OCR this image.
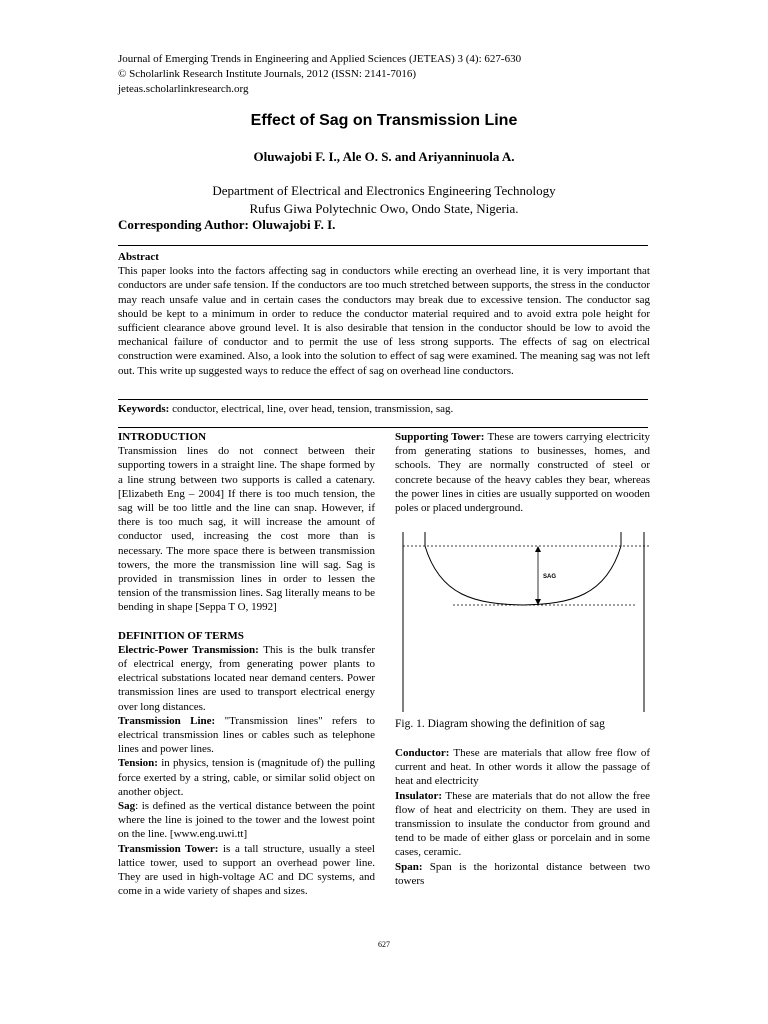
Journal of Emerging Trends in Engineering and Applied Sciences (JETEAS) 3 (4): 627-630
© Scholarlink Research Institute Journals, 2012 (ISSN: 2141-7016)
jeteas.scholarlinkresearch.org
Effect of Sag on Transmission Line
Oluwajobi F. I., Ale O. S. and Ariyanninuola A.
Department of Electrical and Electronics Engineering Technology
Rufus Giwa Polytechnic Owo, Ondo State, Nigeria.
Corresponding Author: Oluwajobi F. I.
Abstract
This paper looks into the factors affecting sag in conductors while erecting an overhead line, it is very important that conductors are under safe tension. If the conductors are too much stretched between supports, the stress in the conductor may reach unsafe value and in certain cases the conductors may break due to excessive tension. The conductor sag should be kept to a minimum in order to reduce the conductor material required and to avoid extra pole height for sufficient clearance above ground level. It is also desirable that tension in the conductor should be low to avoid the mechanical failure of conductor and to permit the use of less strong supports. The effects of sag on electrical construction were examined. Also, a look into the solution to effect of sag were examined. The meaning sag was not left out. This write up suggested ways to reduce the effect of sag on overhead line conductors.
Keywords: conductor, electrical, line, over head, tension, transmission, sag.

INTRODUCTION

Transmission lines do not connect between their supporting towers in a straight line. The shape formed by a line strung between two supports is called a catenary. [Elizabeth Eng – 2004] If there is too much tension, the sag will be too little and the line can snap. However, if there is too much sag, it will increase the amount of conductor used, increasing the cost more than is necessary. The more space there is between transmission towers, the more the transmission line will sag. Sag is provided in transmission lines in order to lessen the tension of the transmission lines. Sag literally means to be bending in shape [Seppa T O, 1992]

DEFINITION OF TERMS

Electric-Power Transmission: This is the bulk transfer of electrical energy, from generating power plants to electrical substations located near demand centers. Power transmission lines are used to transport electrical energy over long distances.

Transmission Line: "Transmission lines" refers to electrical transmission lines or cables such as telephone lines and power lines.

Tension: in physics, tension is (magnitude of) the pulling force exerted by a string, cable, or similar solid object on another object.

Sag: is defined as the vertical distance between the point where the line is joined to the tower and the lowest point on the line. [www.eng.uwi.tt]

Transmission Tower: is a tall structure, usually a steel lattice tower, used to support an overhead power line. They are used in high-voltage AC and DC systems, and come in a wide variety of shapes and sizes.

Supporting Tower: These are towers carrying electricity from generating stations to businesses, homes, and schools. They are normally constructed of steel or concrete because of the heavy cables they bear, whereas the power lines in cities are usually supported on wooden poles or placed underground.

SAG
Fig. 1. Diagram showing the definition of sag

Conductor: These are materials that allow free flow of current and heat. In other words it allow the passage of heat and electricity

Insulator: These are materials that do not allow the free flow of heat and electricity on them. They are used in transmission to insulate the conductor from ground and tend to be made of either glass or porcelain and in some cases, ceramic.

Span: Span is the horizontal distance between two towers

627
